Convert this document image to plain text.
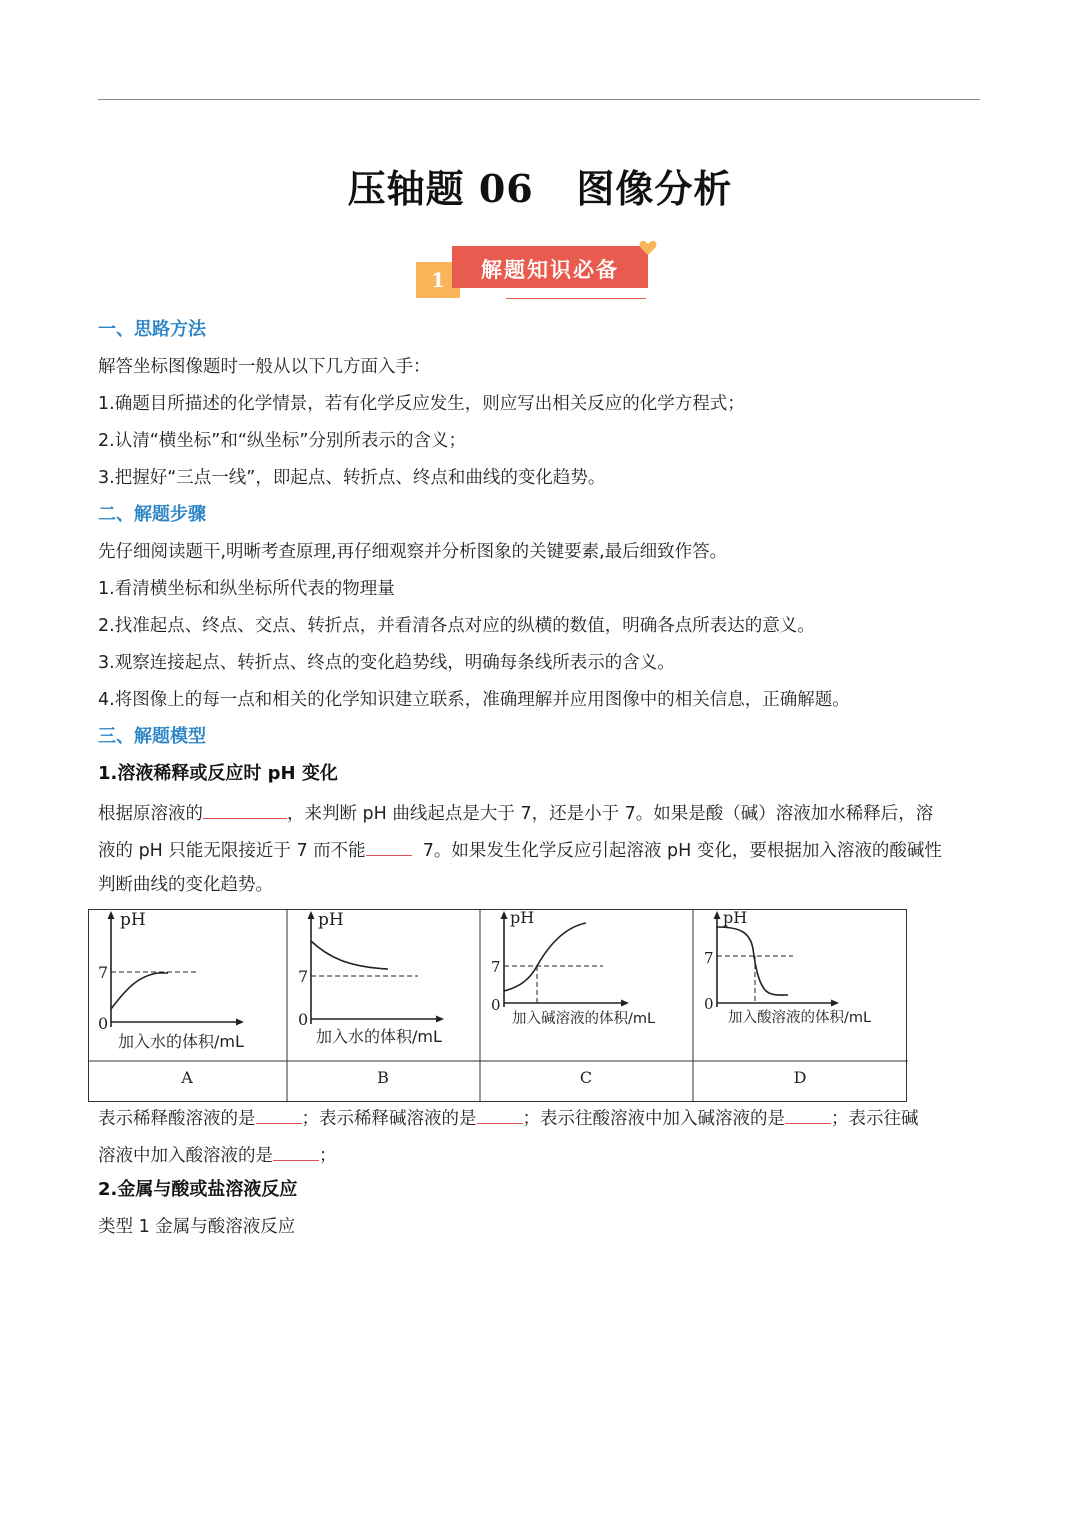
压轴题 06 图像分析
1	解题知识必备
一、思路方法
解答坐标图像题时一般从以下几方面入手：
1.确题目所描述的化学情景，若有化学反应发生，则应写出相关反应的化学方程式；
2.认清“横坐标”和“纵坐标”分别所表示的含义；
3.把握好“三点一线”，即起点、转折点、终点和曲线的变化趋势。
二、解题步骤
先仔细阅读题干,明晰考查原理,再仔细观察并分析图象的关键要素,最后细致作答。
1.看清横坐标和纵坐标所代表的物理量
2.找准起点、终点、交点、转折点，并看清各点对应的纵横的数值，明确各点所表达的意义。
3.观察连接起点、转折点、终点的变化趋势线，明确每条线所表示的含义。
4.将图像上的每一点和相关的化学知识建立联系，准确理解并应用图像中的相关信息，正确解题。
三、解题模型
1.溶液稀释或反应时 pH 变化
根据原溶液的	，来判断 pH 曲线起点是大于 7，还是小于 7。如果是酸（碱）溶液加水稀释后，溶
液的 pH 只能无限接近于 7 而不能	7。如果发生化学反应引起溶液 pH 变化，要根据加入溶液的酸碱性
判断曲线的变化趋势。
pH
7
0
加入水的体积/mL
A
pH
7
0
加入水的体积/mL
B
pH
7
0
加入碱溶液的体积/mL
C
pH
7
0
加入酸溶液的体积/mL
D
表示稀释酸溶液的是	；表示稀释碱溶液的是	；表示往酸溶液中加入碱溶液的是	；表示往碱
溶液中加入酸溶液的是	；
2.金属与酸或盐溶液反应
类型 1 金属与酸溶液反应
